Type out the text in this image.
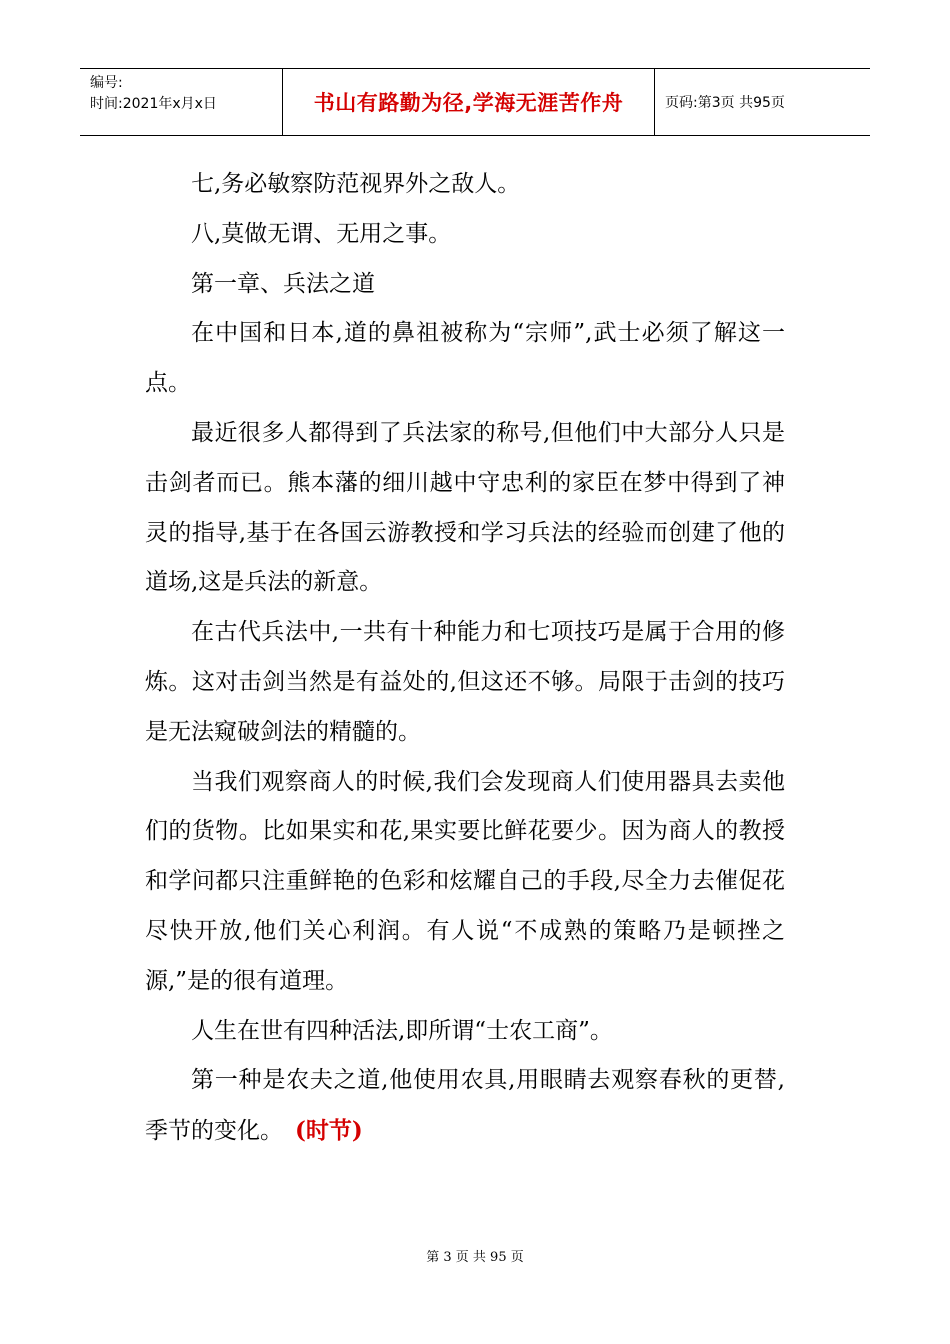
编号:
时间:2021年x月x日	书山有路勤为径,学海无涯苦作舟	页码:第3页 共95页

七,务必敏察防范视界外之敌人。

八,莫做无谓、无用之事。

第一章、兵法之道

在中国和日本,道的鼻祖被称为“宗师”,武士必须了解这一点。

最近很多人都得到了兵法家的称号,但他们中大部分人只是击剑者而已。熊本藩的细川越中守忠利的家臣在梦中得到了神灵的指导,基于在各国云游教授和学习兵法的经验而创建了他的道场,这是兵法的新意。

在古代兵法中,一共有十种能力和七项技巧是属于合用的修炼。这对击剑当然是有益处的,但这还不够。局限于击剑的技巧是无法窥破剑法的精髓的。

当我们观察商人的时候,我们会发现商人们使用器具去卖他们的货物。比如果实和花,果实要比鲜花要少。因为商人的教授和学问都只注重鲜艳的色彩和炫耀自己的手段,尽全力去催促花尽快开放,他们关心利润。有人说“不成熟的策略乃是顿挫之源,”是的很有道理。

人生在世有四种活法,即所谓“士农工商”。

第一种是农夫之道,他使用农具,用眼睛去观察春秋的更替,季节的变化。 (时节)

第 3 页 共 95 页
